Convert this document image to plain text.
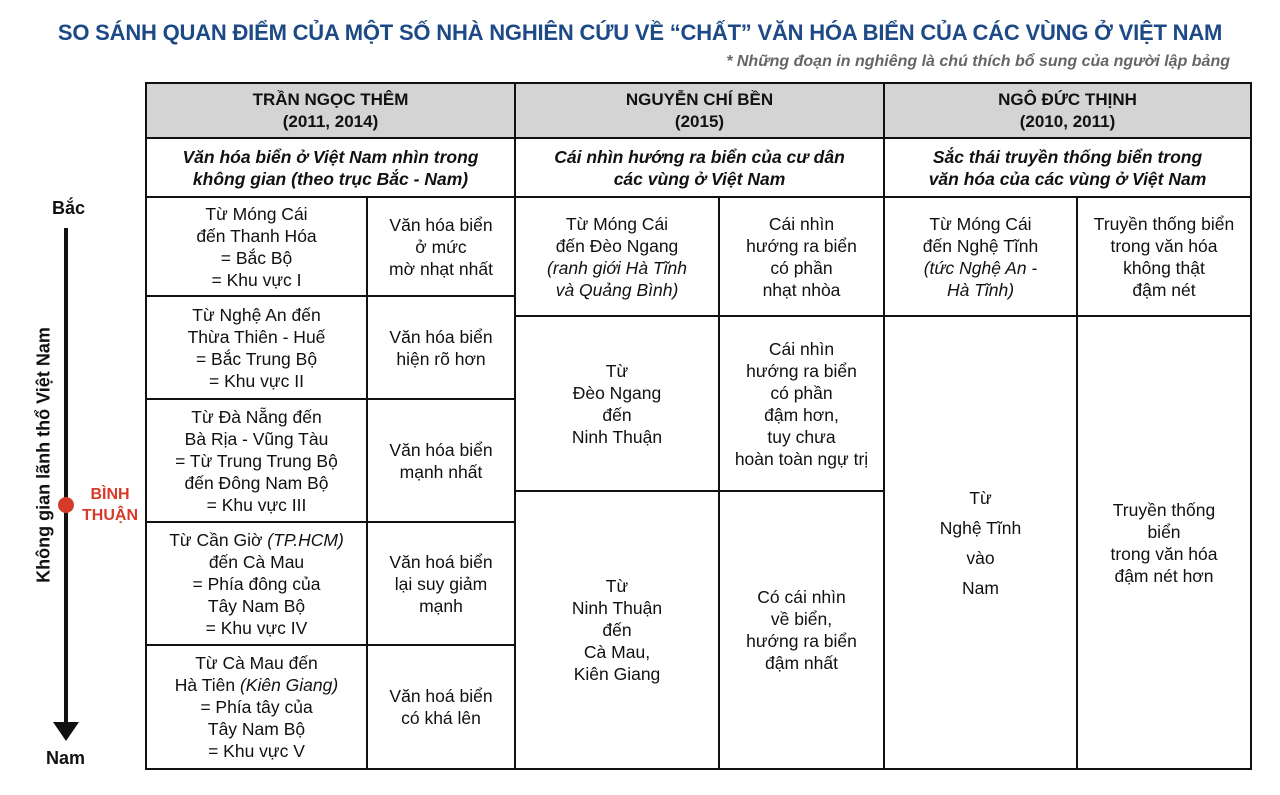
SO SÁNH QUAN ĐIỂM CỦA MỘT SỐ NHÀ NGHIÊN CỨU VỀ “CHẤT” VĂN HÓA BIỂN CỦA CÁC VÙNG Ở VIỆT NAM
* Những đoạn in nghiêng là chú thích bổ sung của người lập bảng
Bắc
Nam
Không gian lãnh thổ Việt Nam	BÌNH
THUẬN
TRẦN NGỌC THÊM
(2011, 2014)
NGUYỄN CHÍ BỀN
(2015)
NGÔ ĐỨC THỊNH
(2010, 2011)
Văn hóa biển ở Việt Nam nhìn trong
không gian (theo trục Bắc - Nam)
Cái nhìn hướng ra biển của cư dân
các vùng ở Việt Nam
Sắc thái truyền thống biển trong
văn hóa của các vùng ở Việt Nam
Từ Móng Cái
đến Thanh Hóa
= Bắc Bộ
= Khu vực I
Văn hóa biển
ở mức
mờ nhạt nhất
Từ Nghệ An đến
Thừa Thiên - Huế
= Bắc Trung Bộ
= Khu vực II
Văn hóa biển
hiện rõ hơn
Từ Đà Nẵng đến
Bà Rịa - Vũng Tàu
= Từ Trung Trung Bộ
đến Đông Nam Bộ
= Khu vực III
Văn hóa biển
mạnh nhất
Từ Cần Giờ (TP.HCM)
đến Cà Mau
= Phía đông của
Tây Nam Bộ
= Khu vực IV
Văn hoá biển
lại suy giảm
mạnh
Từ Cà Mau đến
Hà Tiên (Kiên Giang)
= Phía tây của
Tây Nam Bộ
= Khu vực V
Văn hoá biển
có khá lên
Từ Móng Cái
đến Đèo Ngang
(ranh giới Hà Tĩnh
và Quảng Bình)
Cái nhìn
hướng ra biển
có phần
nhạt nhòa
Từ
Đèo Ngang
đến
Ninh Thuận
Cái nhìn
hướng ra biển
có phần
đậm hơn,
tuy chưa
hoàn toàn ngự trị
Từ
Ninh Thuận
đến
Cà Mau,
Kiên Giang
Có cái nhìn
về biển,
hướng ra biển
đậm nhất
Từ Móng Cái
đến Nghệ Tĩnh
(tức Nghệ An -
Hà Tĩnh)
Truyền thống biển
trong văn hóa
không thật
đậm nét
Từ
Nghệ Tĩnh
vào
Nam
Truyền thống
biển
trong văn hóa
đậm nét hơn
